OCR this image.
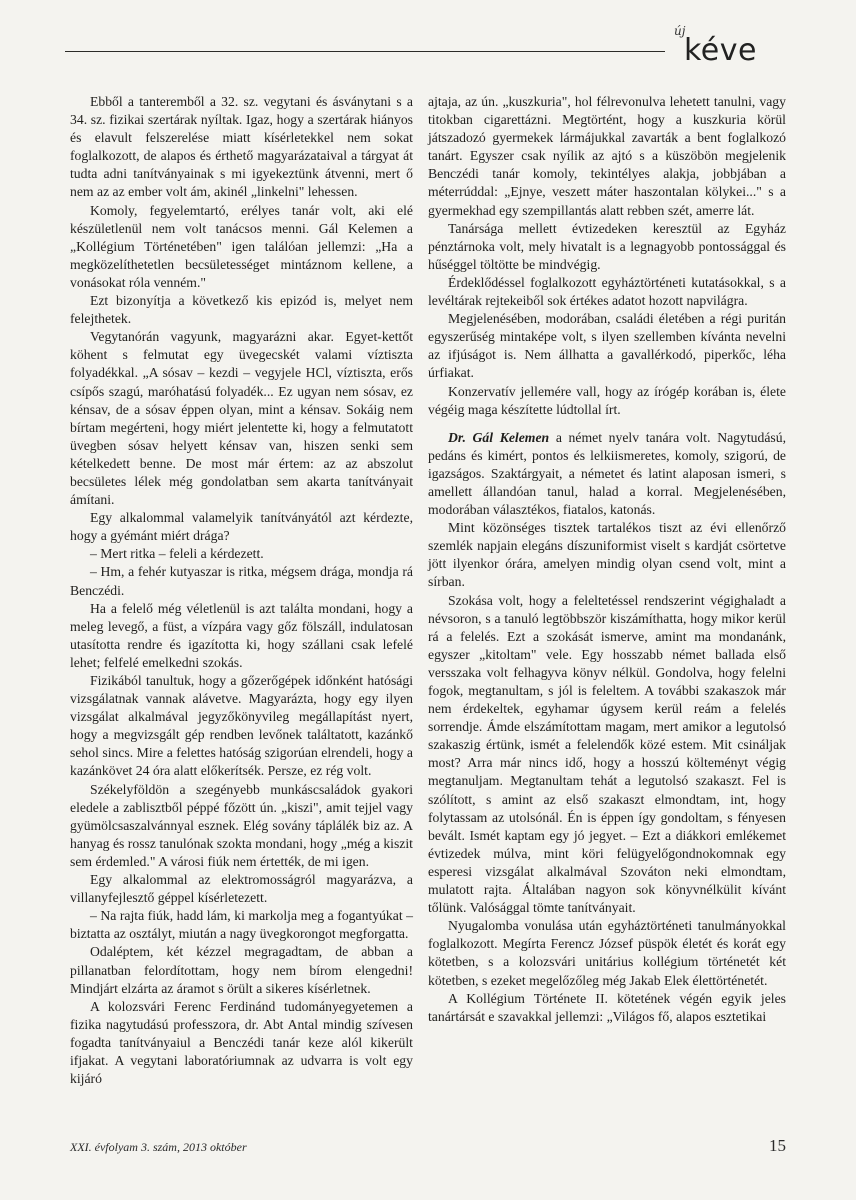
új
kéve

Ebből a tanteremből a 32. sz. vegytani és ásványtani s a 34. sz. fizikai szertárak nyíltak. Igaz, hogy a szertárak hiányos és elavult felszerelése miatt kísérletekkel nem sokat foglalkozott, de alapos és érthető magyarázataival a tárgyat át tudta adni tanítványainak s mi igyekeztünk átvenni, mert ő nem az az ember volt ám, akinél „linkelni" lehessen.

Komoly, fegyelemtartó, erélyes tanár volt, aki elé készületlenül nem volt tanácsos menni. Gál Kelemen a „Kollégium Történetében" igen találóan jellemzi: „Ha a megközelíthetetlen becsületességet mintáznom kellene, a vonásokat róla venném."

Ezt bizonyítja a következő kis epizód is, melyet nem felejthetek.

Vegytanórán vagyunk, magyarázni akar. Egyet-kettőt köhent s felmutat egy üvegecskét valami víztiszta folyadékkal. „A sósav – kezdi – vegyjele HCl, víztiszta, erős csípős szagú, maróhatású folyadék... Ez ugyan nem sósav, ez kénsav, de a sósav éppen olyan, mint a kénsav. Sokáig nem bírtam megérteni, hogy miért jelentette ki, hogy a felmutatott üvegben sósav helyett kénsav van, hiszen senki sem kételkedett benne. De most már értem: az az abszolut becsületes lélek még gondolatban sem akarta tanítványait ámítani.

Egy alkalommal valamelyik tanítványától azt kérdezte, hogy a gyémánt miért drága?

– Mert ritka – feleli a kérdezett.

– Hm, a fehér kutyaszar is ritka, mégsem drága, mondja rá Benczédi.

Ha a felelő még véletlenül is azt találta mondani, hogy a meleg levegő, a füst, a vízpára vagy gőz fölszáll, indulatosan utasította rendre és igazította ki, hogy szállani csak lefelé lehet; felfelé emelkedni szokás.

Fizikából tanultuk, hogy a gőzerőgépek időnként hatósági vizsgálatnak vannak alávetve. Magyarázta, hogy egy ilyen vizsgálat alkalmával jegyzőkönyvileg megállapítást nyert, hogy a megvizsgált gép rendben levőnek találtatott, kazánkő sehol sincs. Mire a felettes hatóság szigorúan elrendeli, hogy a kazánkövet 24 óra alatt előkerítsék. Persze, ez rég volt.

Székelyföldön a szegényebb munkáscsaládok gyakori eledele a zablisztből péppé főzött ún. „kiszi", amit tejjel vagy gyümölcsaszalvánnyal esznek. Elég sovány táplálék biz az. A hanyag és rossz tanulónak szokta mondani, hogy „még a kiszit sem érdemled." A városi fiúk nem értették, de mi igen.

Egy alkalommal az elektromosságról magyarázva, a villanyfejlesztő géppel kísérletezett.

– Na rajta fiúk, hadd lám, ki markolja meg a fogantyúkat – biztatta az osztályt, miután a nagy üvegkorongot megforgatta.

Odaléptem, két kézzel megragadtam, de abban a pillanatban felordítottam, hogy nem bírom elengedni! Mindjárt elzárta az áramot s örült a sikeres kísérletnek.

A kolozsvári Ferenc Ferdinánd tudományegyetemen a fizika nagytudású professzora, dr. Abt Antal mindig szívesen fogadta tanítványaiul a Benczédi tanár keze alól kikerült ifjakat. A vegytani laboratóriumnak az udvarra is volt egy kijáró

ajtaja, az ún. „kuszkuria", hol félrevonulva lehetett tanulni, vagy titokban cigarettázni. Megtörtént, hogy a kuszkuria körül játszadozó gyermekek lármájukkal zavarták a bent foglalkozó tanárt. Egyszer csak nyílik az ajtó s a küszöbön megjelenik Benczédi tanár komoly, tekintélyes alakja, jobbjában a méterrúddal: „Ejnye, veszett máter haszontalan kölykei..." s a gyermekhad egy szempillantás alatt rebben szét, amerre lát.

Tanársága mellett évtizedeken keresztül az Egyház pénztárnoka volt, mely hivatalt is a legnagyobb pontossággal és hűséggel töltötte be mindvégig.

Érdeklődéssel foglalkozott egyháztörténeti kutatásokkal, s a levéltárak rejtekeiből sok értékes adatot hozott napvilágra.

Megjelenésében, modorában, családi életében a régi puritán egyszerűség mintaképe volt, s ilyen szellemben kívánta nevelni az ifjúságot is. Nem állhatta a gavallérkodó, piperkőc, léha úrfiakat.

Konzervatív jellemére vall, hogy az írógép korában is, élete végéig maga készítette lúdtollal írt.

Dr. Gál Kelemen a német nyelv tanára volt. Nagytudású, pedáns és kimért, pontos és lelkiismeretes, komoly, szigorú, de igazságos. Szaktárgyait, a németet és latint alaposan ismeri, s amellett állandóan tanul, halad a korral. Megjelenésében, modorában választékos, fiatalos, katonás.

Mint közönséges tisztek tartalékos tiszt az évi ellenőrző szemlék napjain elegáns díszuniformist viselt s kardját csörtetve jött ilyenkor órára, amelyen mindig olyan csend volt, mint a sírban.

Szokása volt, hogy a feleltetéssel rendszerint végighaladt a névsoron, s a tanuló legtöbbször kiszámíthatta, hogy mikor kerül rá a felelés. Ezt a szokását ismerve, amint ma mondanánk, egyszer „kitoltam" vele. Egy hosszabb német ballada első versszaka volt felhagyva könyv nélkül. Gondolva, hogy felelni fogok, megtanultam, s jól is feleltem. A további szakaszok már nem érdekeltek, egyhamar úgysem kerül reám a felelés sorrendje. Ámde elszámítottam magam, mert amikor a legutolsó szakaszig értünk, ismét a felelendők közé estem. Mit csináljak most? Arra már nincs idő, hogy a hosszú költeményt végig megtanuljam. Megtanultam tehát a legutolsó szakaszt. Fel is szólított, s amint az első szakaszt elmondtam, int, hogy folytassam az utolsónál. Én is éppen így gondoltam, s fényesen bevált. Ismét kaptam egy jó jegyet. – Ezt a diákkori emlékemet évtizedek múlva, mint köri felügyelőgondnokomnak egy esperesi vizsgálat alkalmával Szováton neki elmondtam, mulatott rajta. Általában nagyon sok könyvnélkülit kívánt tőlünk. Valósággal tömte tanítványait.

Nyugalomba vonulása után egyháztörténeti tanulmányokkal foglalkozott. Megírta Ferencz József püspök életét és korát egy kötetben, s a kolozsvári unitárius kollégium történetét két kötetben, s ezeket megelőzőleg még Jakab Elek élettörténetét.

A Kollégium Története II. kötetének végén egyik jeles tanártársát e szavakkal jellemzi: „Világos fő, alapos esztetikai

XXI. évfolyam 3. szám, 2013 október	15
